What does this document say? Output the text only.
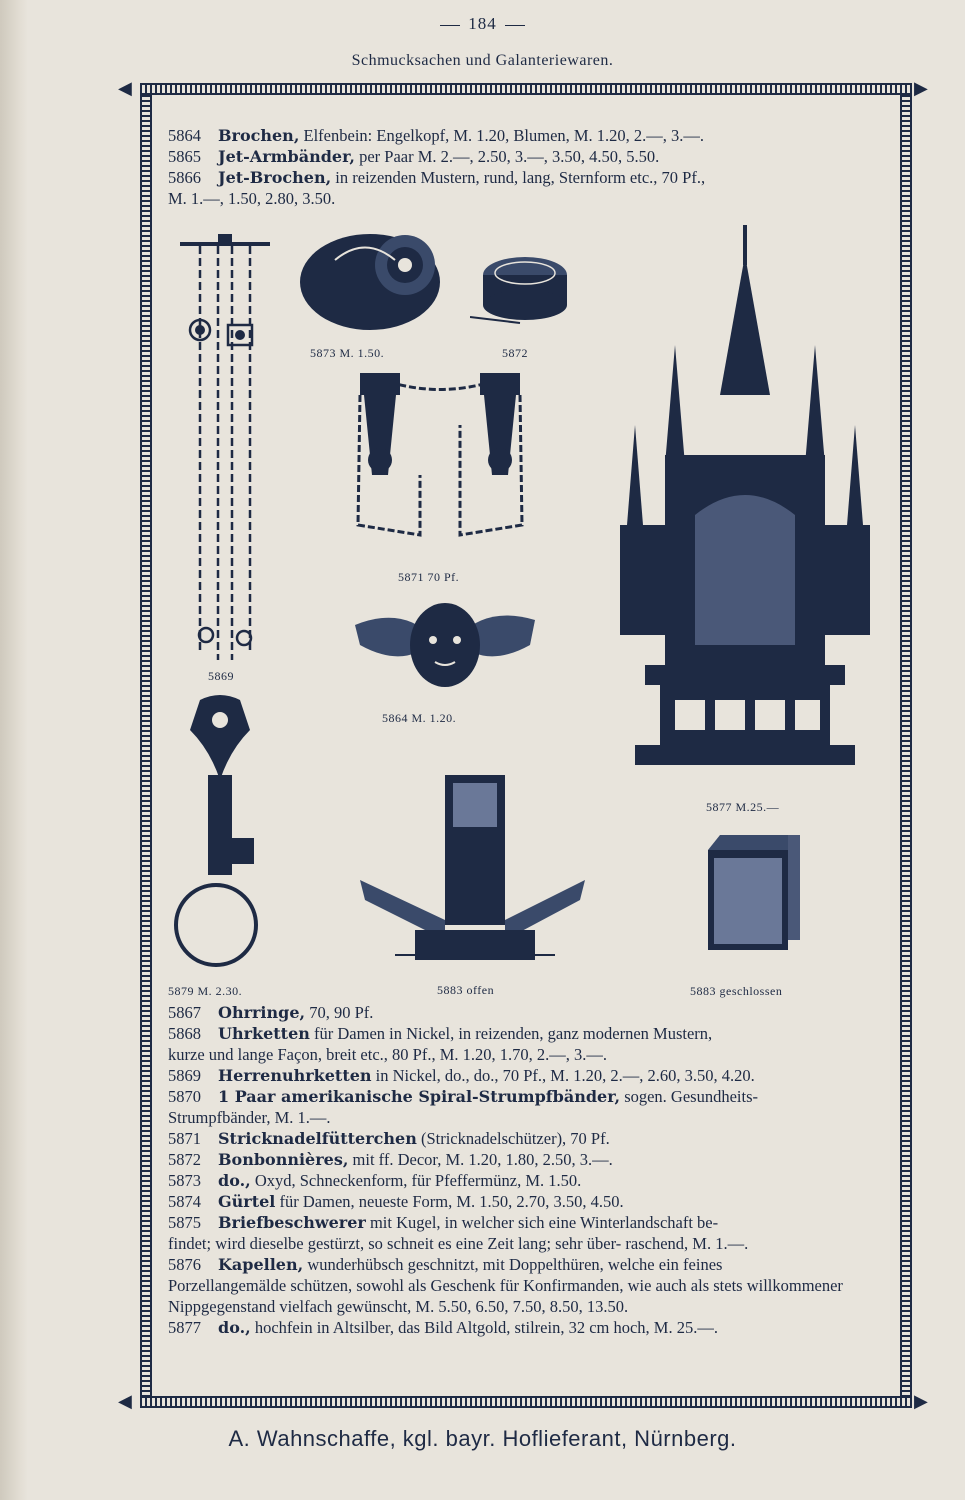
184
Schmucksachen und Galanteriewaren.
◀	▶

5864 Brochen, Elfenbein: Engelkopf, M. 1.20, Blumen, M. 1.20, 2.—, 3.—.

5865 Jet-Armbänder, per Paar M. 2.—, 2.50, 3.—, 3.50, 4.50, 5.50.

5866 Jet-Brochen, in reizenden Mustern, rund, lang, Sternform etc., 70 Pf.,

M. 1.—, 1.50, 2.80, 3.50.

5873 M. 1.50.	5872
5871 70 Pf.
5869
5864 M. 1.20.
5877 M.25.—
5879 M. 2.30.	5883 offen	5883 geschlossen

5867 Ohrringe, 70, 90 Pf.

5868 Uhrketten für Damen in Nickel, in reizenden, ganz modernen Mustern,

kurze und lange Façon, breit etc., 80 Pf., M. 1.20, 1.70, 2.—, 3.—.

5869 Herrenuhrketten in Nickel, do., do., 70 Pf., M. 1.20, 2.—, 2.60, 3.50, 4.20.

5870 1 Paar amerikanische Spiral-Strumpfbänder, sogen. Gesundheits-

Strumpfbänder, M. 1.—.

5871 Stricknadelfütterchen (Stricknadelschützer), 70 Pf.

5872 Bonbonnières, mit ff. Decor, M. 1.20, 1.80, 2.50, 3.—.

5873 do., Oxyd, Schneckenform, für Pfeffermünz, M. 1.50.

5874 Gürtel für Damen, neueste Form, M. 1.50, 2.70, 3.50, 4.50.

5875 Briefbeschwerer mit Kugel, in welcher sich eine Winterlandschaft be-

findet; wird dieselbe gestürzt, so schneit es eine Zeit lang; sehr über- raschend, M. 1.—.

5876 Kapellen, wunderhübsch geschnitzt, mit Doppelthüren, welche ein feines

Porzellangemälde schützen, sowohl als Geschenk für Konfirmanden, wie auch als stets willkommener Nippgegenstand vielfach gewünscht, M. 5.50, 6.50, 7.50, 8.50, 13.50.

5877 do., hochfein in Altsilber, das Bild Altgold, stilrein, 32 cm hoch, M. 25.—.

◀	▶
A. Wahnschaffe, kgl. bayr. Hoflieferant, Nürnberg.
